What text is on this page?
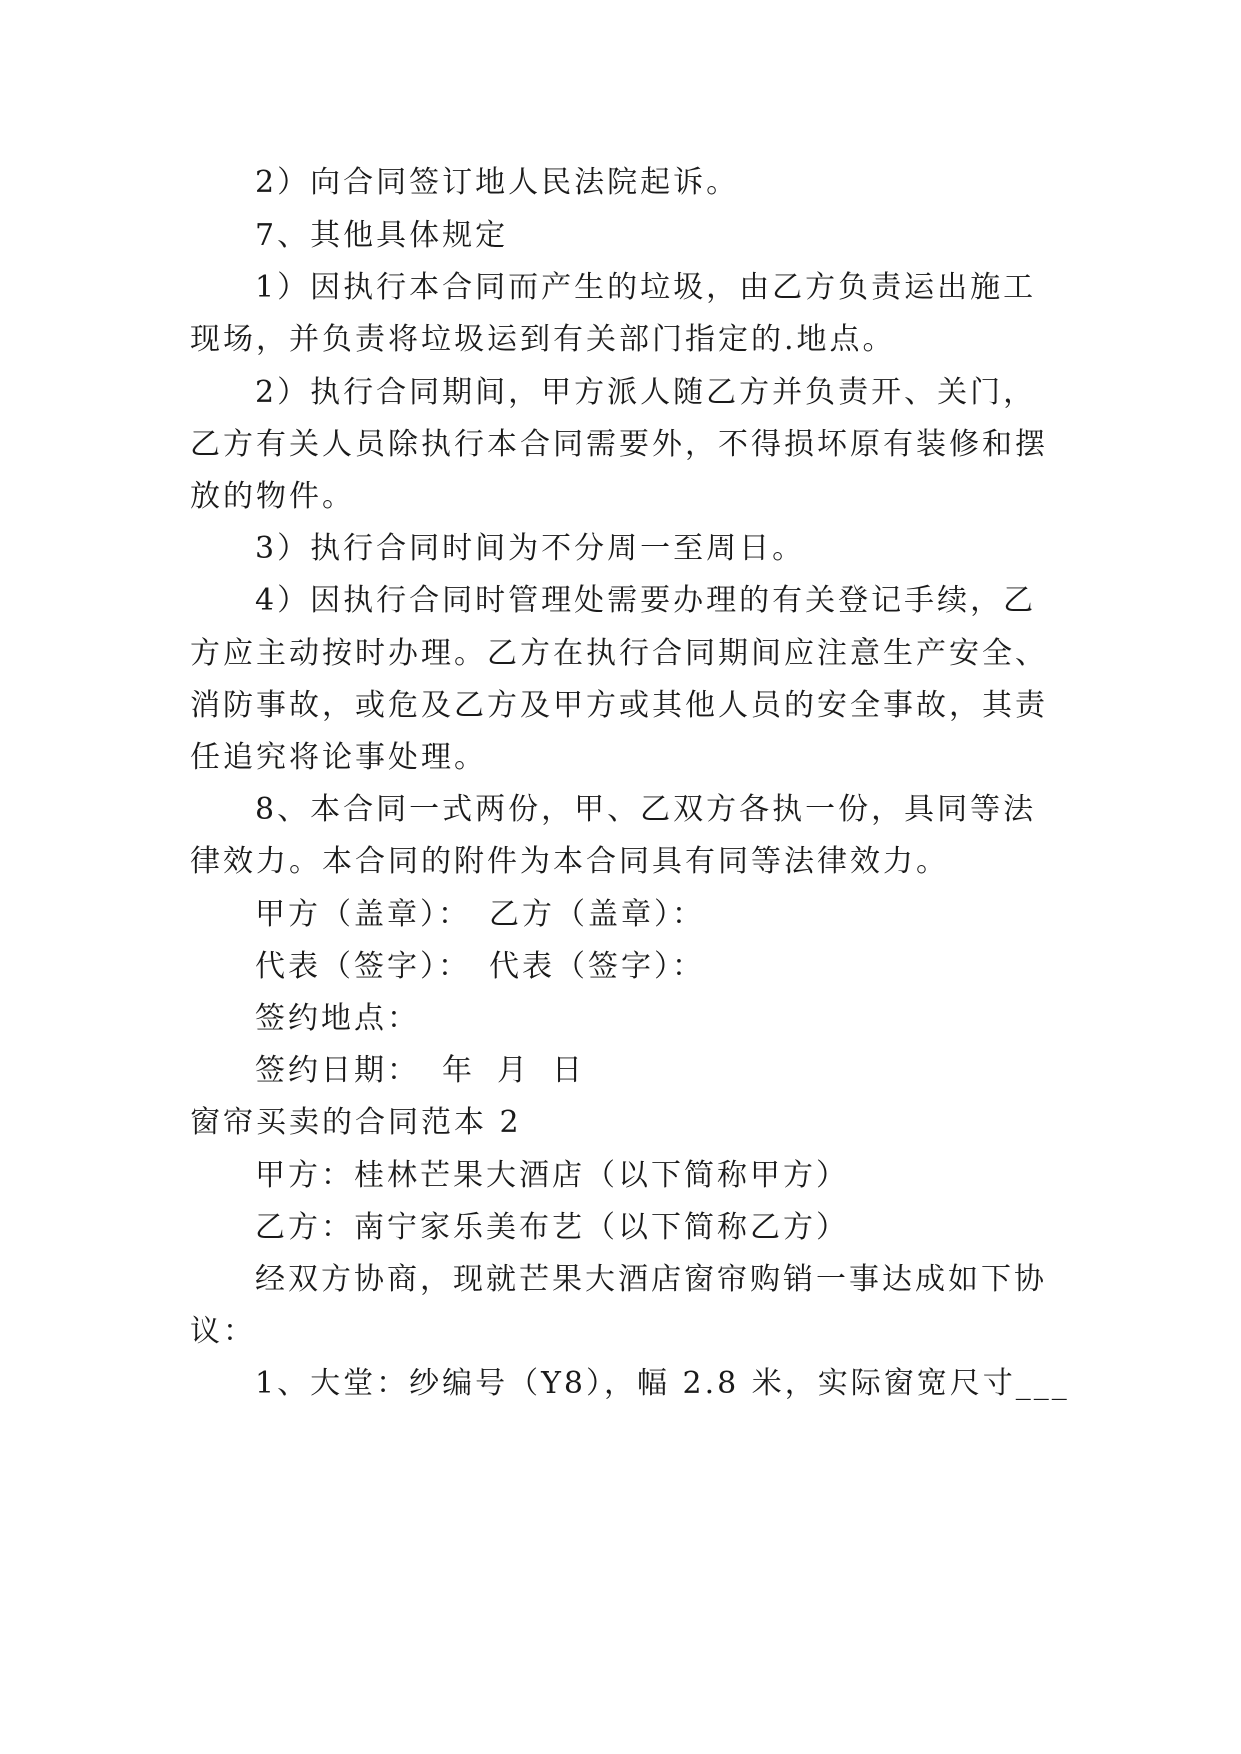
2）向合同签订地人民法院起诉。
7、其他具体规定
1）因执行本合同而产生的垃圾，由乙方负责运出施工
现场，并负责将垃圾运到有关部门指定的.地点。
2）执行合同期间，甲方派人随乙方并负责开、关门，
乙方有关人员除执行本合同需要外，不得损坏原有装修和摆
放的物件。
3）执行合同时间为不分周一至周日。
4）因执行合同时管理处需要办理的有关登记手续，乙
方应主动按时办理。乙方在执行合同期间应注意生产安全、
消防事故，或危及乙方及甲方或其他人员的安全事故，其责
任追究将论事处理。
8、本合同一式两份，甲、乙双方各执一份，具同等法
律效力。本合同的附件为本合同具有同等法律效力。
甲方（盖章）： 乙方（盖章）：
代表（签字）： 代表（签字）：
签约地点：
签约日期： 年 月 日
窗帘买卖的合同范本 2
甲方：桂林芒果大酒店（以下简称甲方）
乙方：南宁家乐美布艺（以下简称乙方）
经双方协商，现就芒果大酒店窗帘购销一事达成如下协
议：
1、大堂：纱编号（Y8），幅 2.8 米，实际窗宽尺寸___
